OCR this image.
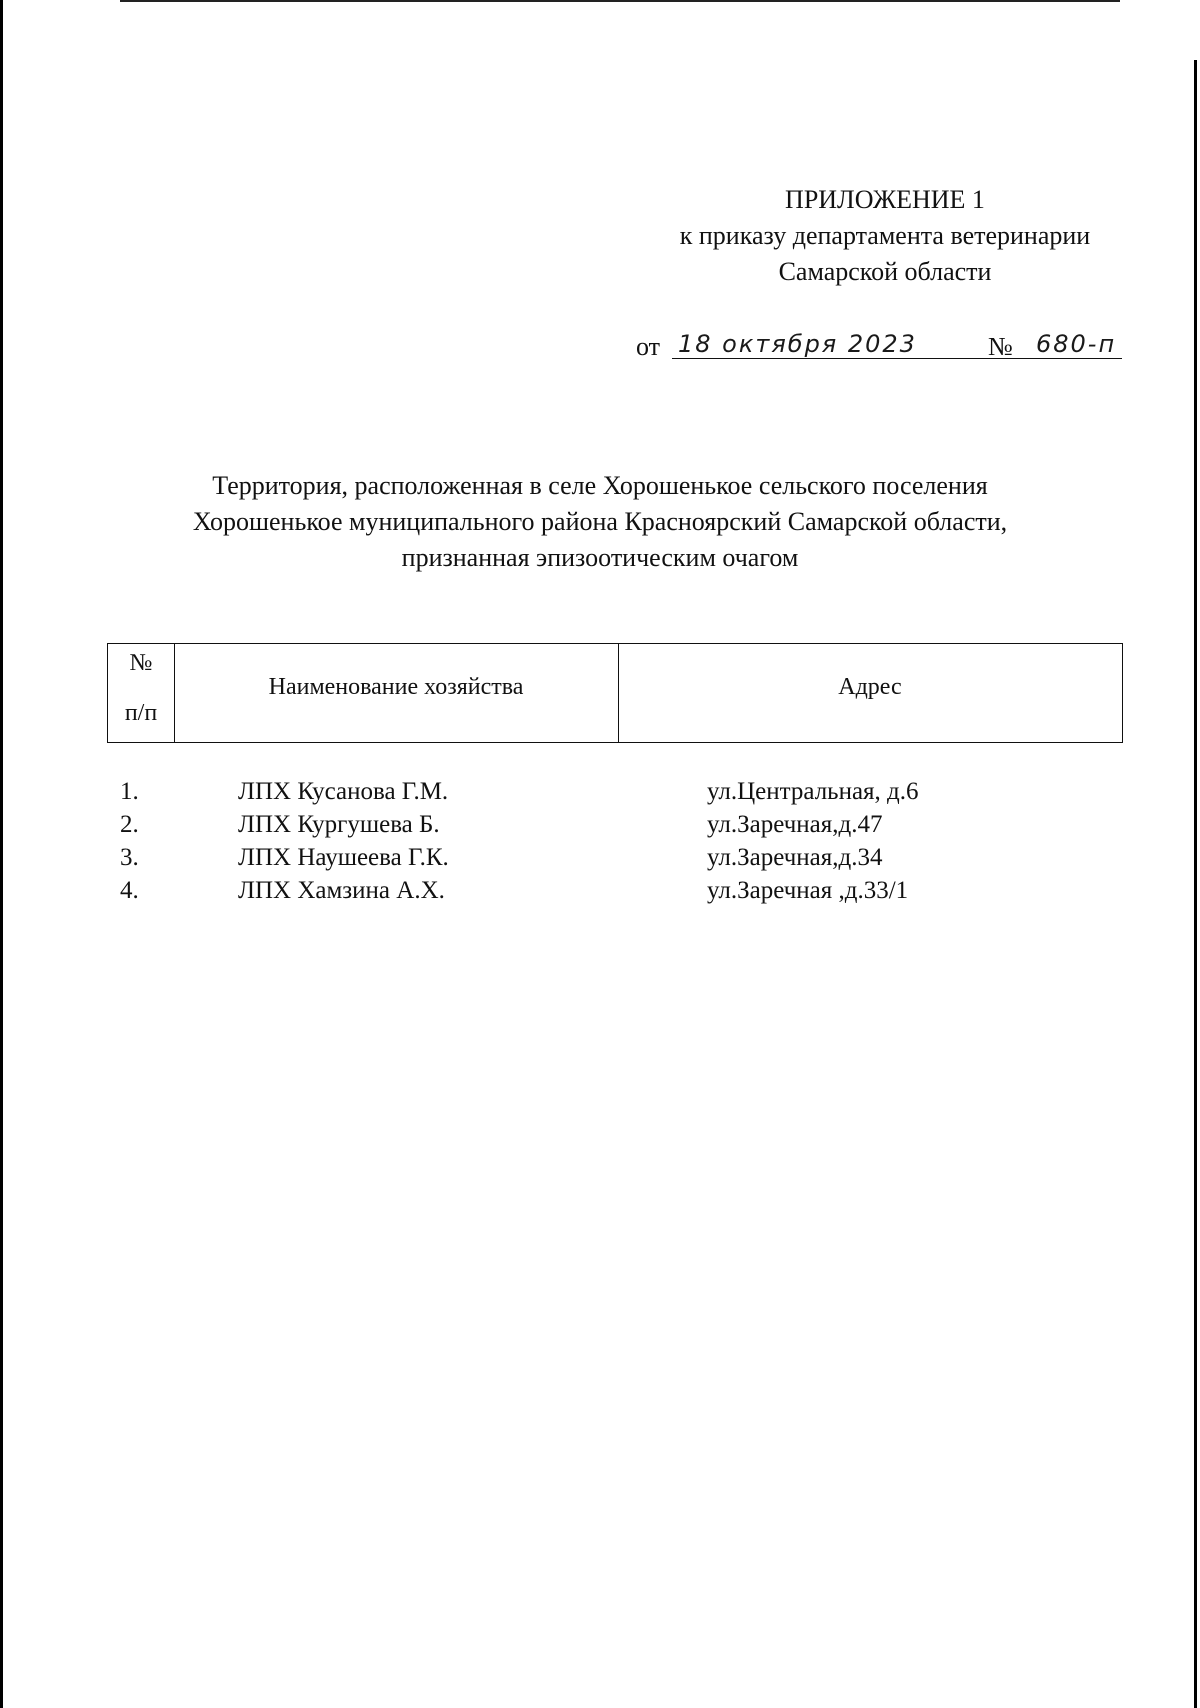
ПРИЛОЖЕНИЕ 1
к приказу департамента ветеринарии
Самарской области
от 18 октября 2023	№ 680-п
Территория, расположенная в селе Хорошенькое сельского поселения
Хорошенькое муниципального района Красноярский Самарской области,
признанная эпизоотическим очагом
№
п/п
Наименование хозяйства	Адрес
1.	ЛПХ Кусанова Г.М.	ул.Центральная, д.6
2.	ЛПХ Кургушева Б.	ул.Заречная,д.47
3.	ЛПХ Наушеева Г.К.	ул.Заречная,д.34
4.	ЛПХ Хамзина А.Х.	ул.Заречная ,д.33/1
